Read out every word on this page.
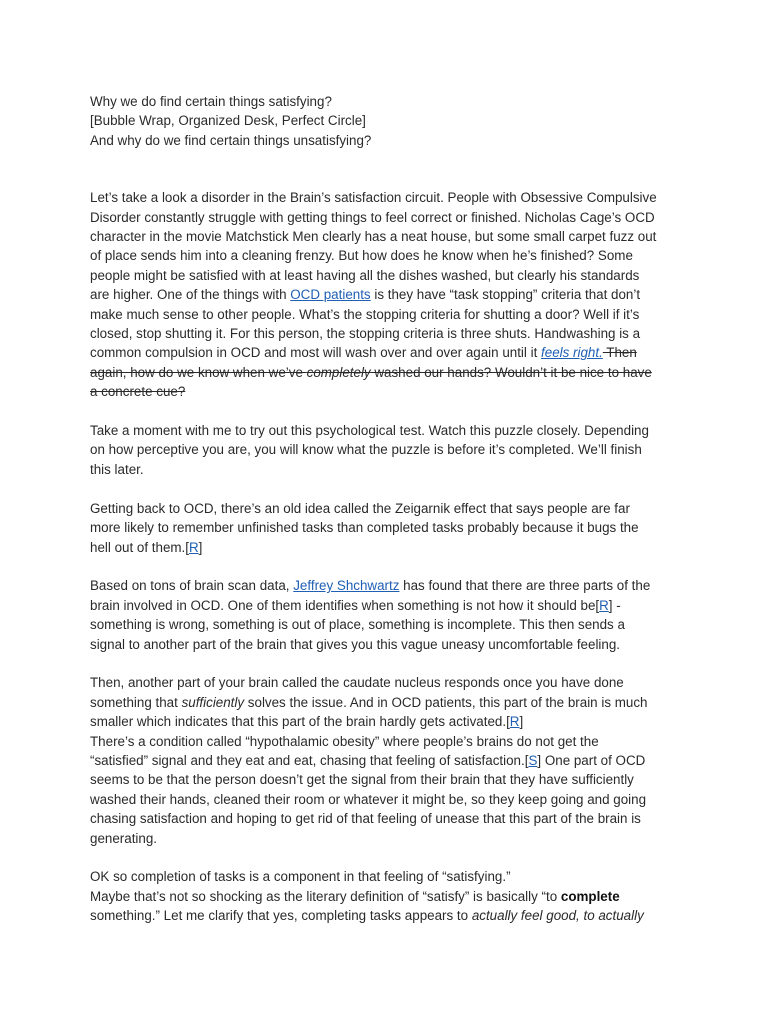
Why we do find certain things satisfying?
[Bubble Wrap, Organized Desk, Perfect Circle]
And why do we find certain things unsatisfying?
Let’s take a look a disorder in the Brain’s satisfaction circuit. People with Obsessive Compulsive
Disorder constantly struggle with getting things to feel correct or finished. Nicholas Cage’s OCD
character in the movie Matchstick Men clearly has a neat house, but some small carpet fuzz out
of place sends him into a cleaning frenzy. But how does he know when he’s finished? Some
people might be satisfied with at least having all the dishes washed, but clearly his standards
are higher. One of the things with OCD patients is they have “task stopping” criteria that don’t
make much sense to other people. What’s the stopping criteria for shutting a door? Well if it’s
closed, stop shutting it. For this person, the stopping criteria is three shuts. Handwashing is a
common compulsion in OCD and most will wash over and over again until it feels right. Then
again, how do we know when we’ve completely washed our hands? Wouldn’t it be nice to have
a concrete cue?
Take a moment with me to try out this psychological test. Watch this puzzle closely. Depending
on how perceptive you are, you will know what the puzzle is before it’s completed. We’ll finish
this later.
Getting back to OCD, there’s an old idea called the Zeigarnik effect that says people are far
more likely to remember unfinished tasks than completed tasks probably because it bugs the
hell out of them.[R]
Based on tons of brain scan data, Jeffrey Shchwartz has found that there are three parts of the
brain involved in OCD. One of them identifies when something is not how it should be[R] -
something is wrong, something is out of place, something is incomplete. This then sends a
signal to another part of the brain that gives you this vague uneasy uncomfortable feeling.
Then, another part of your brain called the caudate nucleus responds once you have done
something that sufficiently solves the issue. And in OCD patients, this part of the brain is much
smaller which indicates that this part of the brain hardly gets activated.[R]
There’s a condition called “hypothalamic obesity” where people’s brains do not get the
“satisfied” signal and they eat and eat, chasing that feeling of satisfaction.[S] One part of OCD
seems to be that the person doesn’t get the signal from their brain that they have sufficiently
washed their hands, cleaned their room or whatever it might be, so they keep going and going
chasing satisfaction and hoping to get rid of that feeling of unease that this part of the brain is
generating.
OK so completion of tasks is a component in that feeling of “satisfying.”
Maybe that’s not so shocking as the literary definition of “satisfy” is basically “to complete
something.” Let me clarify that yes, completing tasks appears to actually feel good, to actually
